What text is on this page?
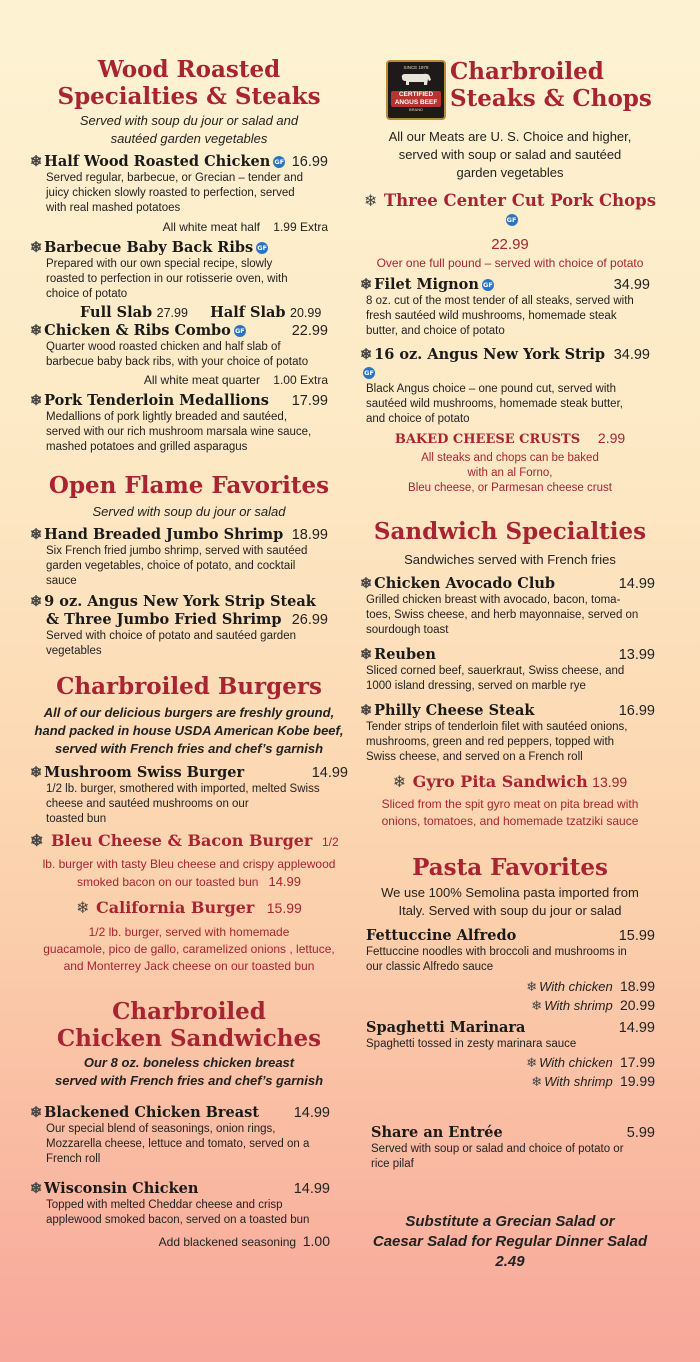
Wood Roasted
Specialties & Steaks
Served with soup du jour or salad and
sautéed garden vegetables
❄ Half Wood Roasted Chicken GF 16.99
Served regular, barbecue, or Grecian – tender and
juicy chicken slowly roasted to perfection, served
with real mashed potatoes
All white meat half 1.99 Extra
❄ Barbecue Baby Back Ribs GF
Prepared with our own special recipe, slowly
roasted to perfection in our rotisserie oven, with
choice of potato
Full Slab 27.99 Half Slab 20.99
❄ Chicken & Ribs Combo GF	22.99
Quarter wood roasted chicken and half slab of
barbecue baby back ribs, with your choice of potato
All white meat quarter 1.00 Extra
❄ Pork Tenderloin Medallions 17.99
Medallions of pork lightly breaded and sautéed,
served with our rich mushroom marsala wine sauce,
mashed potatoes and grilled asparagus
Open Flame Favorites
Served with soup du jour or salad
❄ Hand Breaded Jumbo Shrimp 18.99
Six French fried jumbo shrimp, served with sautéed
garden vegetables, choice of potato, and cocktail
sauce
❄ 9 oz. Angus New York Strip Steak
& Three Jumbo Fried Shrimp 26.99
Served with choice of potato and sautéed garden
vegetables
Charbroiled Burgers
All of our delicious burgers are freshly ground,
hand packed in house USDA American Kobe beef,
served with French fries and chef’s garnish
❄ Mushroom Swiss Burger	14.99
1/2 lb. burger, smothered with imported, melted Swiss
cheese and sautéed mushrooms on our
toasted bun
❄ Bleu Cheese & Bacon Burger 1/2
lb. burger with tasty Bleu cheese and crispy applewood
smoked bacon on our toasted bun 14.99
❄ California Burger 15.99
1/2 lb. burger, served with homemade
guacamole, pico de gallo, caramelized onions , lettuce,
and Monterrey Jack cheese on our toasted bun
Charbroiled
Chicken Sandwiches
Our 8 oz. boneless chicken breast
served with French fries and chef’s garnish
❄ Blackened Chicken Breast 14.99
Our special blend of seasonings, onion rings,
Mozzarella cheese, lettuce and tomato, served on a
French roll
❄ Wisconsin Chicken	14.99
Topped with melted Cheddar cheese and crisp
applewood smoked bacon, served on a toasted bun
Add blackened seasoning 1.00
SINCE 1978
CERTIFIED
ANGUS BEEF
BRAND
Charbroiled
Steaks & Chops
All our Meats are U. S. Choice and higher,
served with soup or salad and sautéed
garden vegetables
❄ Three Center Cut Pork Chops GF
22.99
Over one full pound – served with choice of potato
❄ Filet Mignon GF	34.99
8 oz. cut of the most tender of all steaks, served with
fresh sautéed wild mushrooms, homemade steak
butter, and choice of potato
❄ 16 oz. Angus New York StripGF
34.99
Black Angus choice – one pound cut, served with
sautéed wild mushrooms, homemade steak butter,
and choice of potato
BAKED CHEESE CRUSTS 2.99
All steaks and chops can be baked
with an al Forno,
Bleu cheese, or Parmesan cheese crust
Sandwich Specialties
Sandwiches served with French fries
❄ Chicken Avocado Club	14.99
Grilled chicken breast with avocado, bacon, toma-
toes, Swiss cheese, and herb mayonnaise, served on
sourdough toast
❄ Reuben	13.99
Sliced corned beef, sauerkraut, Swiss cheese, and
1000 island dressing, served on marble rye
❄ Philly Cheese Steak	16.99
Tender strips of tenderloin filet with sautéed onions,
mushrooms, green and red peppers, topped with
Swiss cheese, and served on a French roll
❄ Gyro Pita Sandwich 13.99
Sliced from the spit gyro meat on pita bread with
onions, tomatoes, and homemade tzatziki sauce
Pasta Favorites
We use 100% Semolina pasta imported from
Italy. Served with soup du jour or salad
Fettuccine Alfredo	15.99
Fettuccine noodles with broccoli and mushrooms in
our classic Alfredo sauce
❄ With chicken 18.99
❄ With shrimp 20.99
Spaghetti Marinara	14.99
Spaghetti tossed in zesty marinara sauce
❄ With chicken 17.99
❄ With shrimp 19.99
Share an Entrée	5.99
Served with soup or salad and choice of potato or
rice pilaf
Substitute a Grecian Salad or
Caesar Salad for Regular Dinner Salad
2.49
